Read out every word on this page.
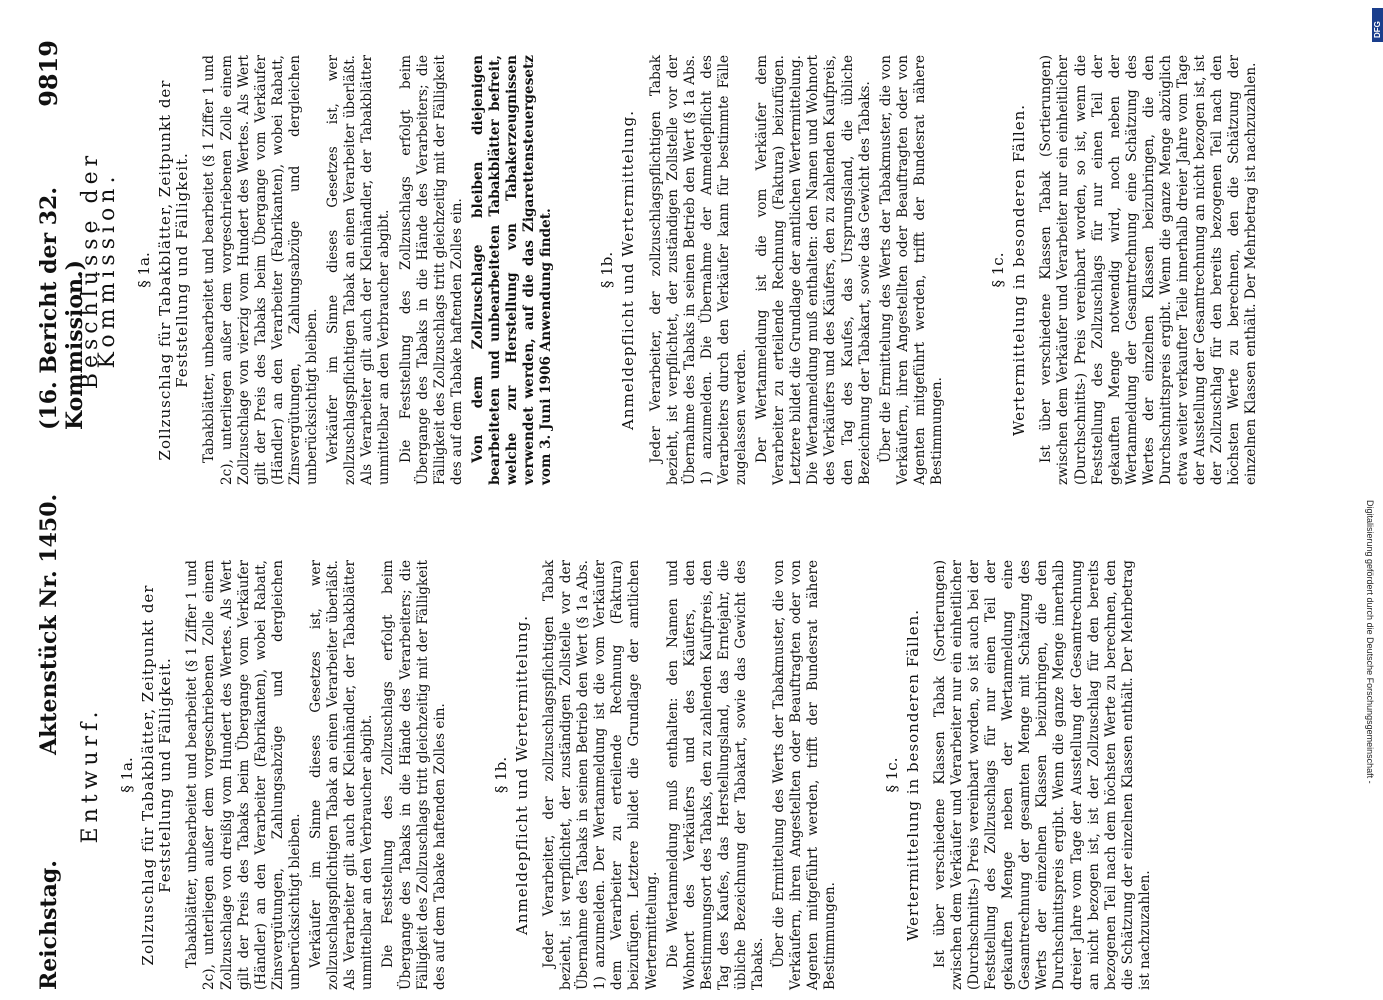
Reichstag.
Aktenstück Nr. 1450.
(16. Bericht der 32. Kommission.)
9819
Entwurf. § 1a. Zollzuschlag für Tabakblätter, Zeitpunkt der Feststellung und Fälligkeit. Tabakblätter, unbearbeitet und bearbeitet (§ 1 Ziffer 1 und 2c), unterliegen außer dem vorgeschriebenen Zolle einem Zollzuschlage von dreißig vom Hundert des Wertes. Als Wert gilt der Preis des Tabaks beim Übergange vom Verkäufer (Händler) an den Verarbeiter (Fabrikanten), wobei Rabatt, Zinsvergütungen, Zahlungsabzüge und dergleichen unberücksichtigt bleiben. Verkäufer im Sinne dieses Gesetzes ist, wer zollzuschlagspflichtigen Tabak an einen Verarbeiter überläßt. Als Verarbeiter gilt auch der Kleinhändler, der Tabakblätter unmittelbar an den Verbraucher abgibt. Die Feststellung des Zollzuschlags erfolgt beim Übergange des Tabaks in die Hände des Verarbeiters; die Fälligkeit des Zollzuschlags tritt gleichzeitig mit der Fälligkeit des auf dem Tabake haftenden Zolles ein.	§ 1b. Anmeldepflicht und Wertermittelung. Jeder Verarbeiter, der zollzuschlagspflichtigen Tabak bezieht, ist verpflichtet, der zuständigen Zollstelle vor der Übernahme des Tabaks in seinen Betrieb den Wert (§ 1a Abs. 1) anzumelden. Der Wertanmeldung ist die vom Verkäufer dem Verarbeiter zu erteilende Rechnung (Faktura) beizufügen. Letztere bildet die Grundlage der amtlichen Wertermittelung. Die Wertanmeldung muß enthalten: den Namen und Wohnort des Verkäufers und des Käufers, den Bestimmungsort des Tabaks, den zu zahlenden Kaufpreis, den Tag des Kaufes, das Herstellungsland, das Erntejahr, die übliche Bezeichnung der Tabakart, sowie das Gewicht des Tabaks. Über die Ermittelung des Werts der Tabakmuster, die von Verkäufern, ihren Angestellten oder Beauftragten oder von Agenten mitgeführt werden, trifft der Bundesrat nähere Bestimmungen.

§ 1c. Wertermittelung in besonderen Fällen. Ist über verschiedene Klassen Tabak (Sortierungen) zwischen dem Verkäufer und Verarbeiter nur ein einheitlicher (Durchschnitts-) Preis vereinbart worden, so ist auch bei der Feststellung des Zollzuschlags für nur einen Teil der gekauften Menge neben der Wertanmeldung eine Gesamtrechnung der gesamten Menge mit Schätzung des Werts der einzelnen Klassen beizubringen, die den Durchschnittspreis ergibt. Wenn die ganze Menge innerhalb dreier Jahre vom Tage der Ausstellung der Gesamtrechnung an nicht bezogen ist, ist der Zollzuschlag für den bereits bezogenen Teil nach dem höchsten Werte zu berechnen, den die Schätzung der einzelnen Klassen enthält. Der Mehrbetrag ist nachzuzahlen.

Beschlüsse der Kommission. § 1a. Zollzuschlag für Tabakblätter, Zeitpunkt der Feststellung und Fälligkeit. Tabakblätter, unbearbeitet und bearbeitet (§ 1 Ziffer 1 und 2c), unterliegen außer dem vorgeschriebenen Zolle einem Zollzuschlage von vierzig vom Hundert des Wertes. Als Wert gilt der Preis des Tabaks beim Übergange vom Verkäufer (Händler) an den Verarbeiter (Fabrikanten), wobei Rabatt, Zinsvergütungen, Zahlungsabzüge und dergleichen unberücksichtigt bleiben. Verkäufer im Sinne dieses Gesetzes ist, wer zollzuschlagspflichtigen Tabak an einen Verarbeiter überläßt. Als Verarbeiter gilt auch der Kleinhändler, der Tabakblätter unmittelbar an den Verbraucher abgibt. Die Feststellung des Zollzuschlags erfolgt beim Übergange des Tabaks in die Hände des Verarbeiters; die Fälligkeit des Zollzuschlags tritt gleichzeitig mit der Fälligkeit des auf dem Tabake haftenden Zolles ein. Von dem Zollzuschlage bleiben diejenigen bearbeiteten und unbearbeiteten Tabakblätter befreit, welche zur Herstellung von Tabakerzeugnissen verwendet werden, auf die das Zigarettensteuergesetz vom 3. Juni 1906 Anwendung findet.	§ 1b. Anmeldepflicht und Wertermittelung. Jeder Verarbeiter, der zollzuschlagspflichtigen Tabak bezieht, ist verpflichtet, der zuständigen Zollstelle vor der Übernahme des Tabaks in seinen Betrieb den Wert (§ 1a Abs. 1) anzumelden. Die Übernahme der Anmeldepflicht des Verarbeiters durch den Verkäufer kann für bestimmte Fälle zugelassen werden. Der Wertanmeldung ist die vom Verkäufer dem Verarbeiter zu erteilende Rechnung (Faktura) beizufügen. Letztere bildet die Grundlage der amtlichen Wertermittelung. Die Wertanmeldung muß enthalten: den Namen und Wohnort des Verkäufers und des Käufers, den zu zahlenden Kaufpreis, den Tag des Kaufes, das Ursprungsland, die übliche Bezeichnung der Tabakart, sowie das Gewicht des Tabaks. Über die Ermittelung des Werts der Tabakmuster, die von Verkäufern, ihren Angestellten oder Beauftragten oder von Agenten mitgeführt werden, trifft der Bundesrat nähere Bestimmungen.

§ 1c. Wertermittelung in besonderen Fällen. Ist über verschiedene Klassen Tabak (Sortierungen) zwischen dem Verkäufer und Verarbeiter nur ein einheitlicher (Durchschnitts-) Preis vereinbart worden, so ist, wenn die Feststellung des Zollzuschlags für nur einen Teil der gekauften Menge notwendig wird, noch neben der Wertanmeldung der Gesamtrechnung eine Schätzung des Wertes der einzelnen Klassen beizubringen, die den Durchschnittspreis ergibt. Wenn die ganze Menge abzüglich etwa weiter verkaufter Teile innerhalb dreier Jahre vom Tage der Ausstellung der Gesamtrechnung an nicht bezogen ist, ist der Zollzuschlag für den bereits bezogenen Teil nach den höchsten Werte zu berechnen, den die Schätzung der einzelnen Klassen enthält. Der Mehrbetrag ist nachzuzahlen.

DFG
Digitalisierung gefördert durch die Deutsche Forschungsgemeinschaft -
